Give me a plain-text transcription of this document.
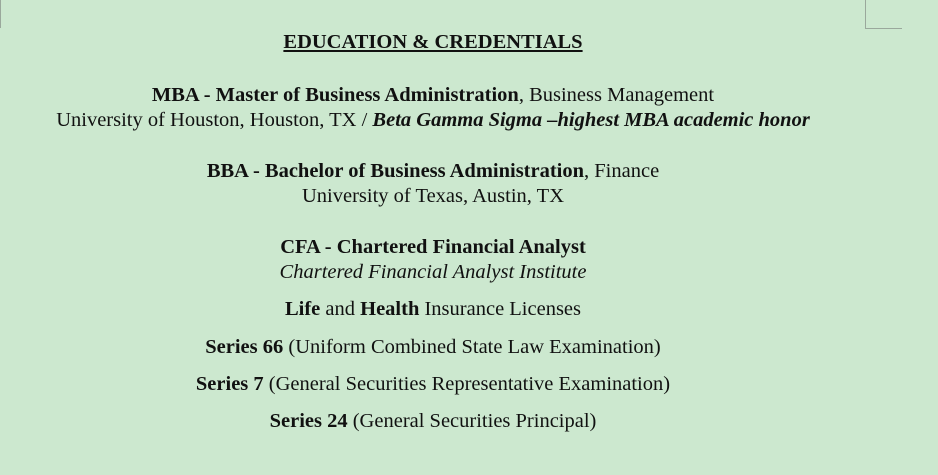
EDUCATION & CREDENTIALS
MBA - Master of Business Administration, Business Management
University of Houston, Houston, TX / Beta Gamma Sigma –highest MBA academic honor
BBA - Bachelor of Business Administration, Finance
University of Texas, Austin, TX
CFA - Chartered Financial Analyst
Chartered Financial Analyst Institute
Life and Health Insurance Licenses
Series 66 (Uniform Combined State Law Examination)
Series 7 (General Securities Representative Examination)
Series 24 (General Securities Principal)
